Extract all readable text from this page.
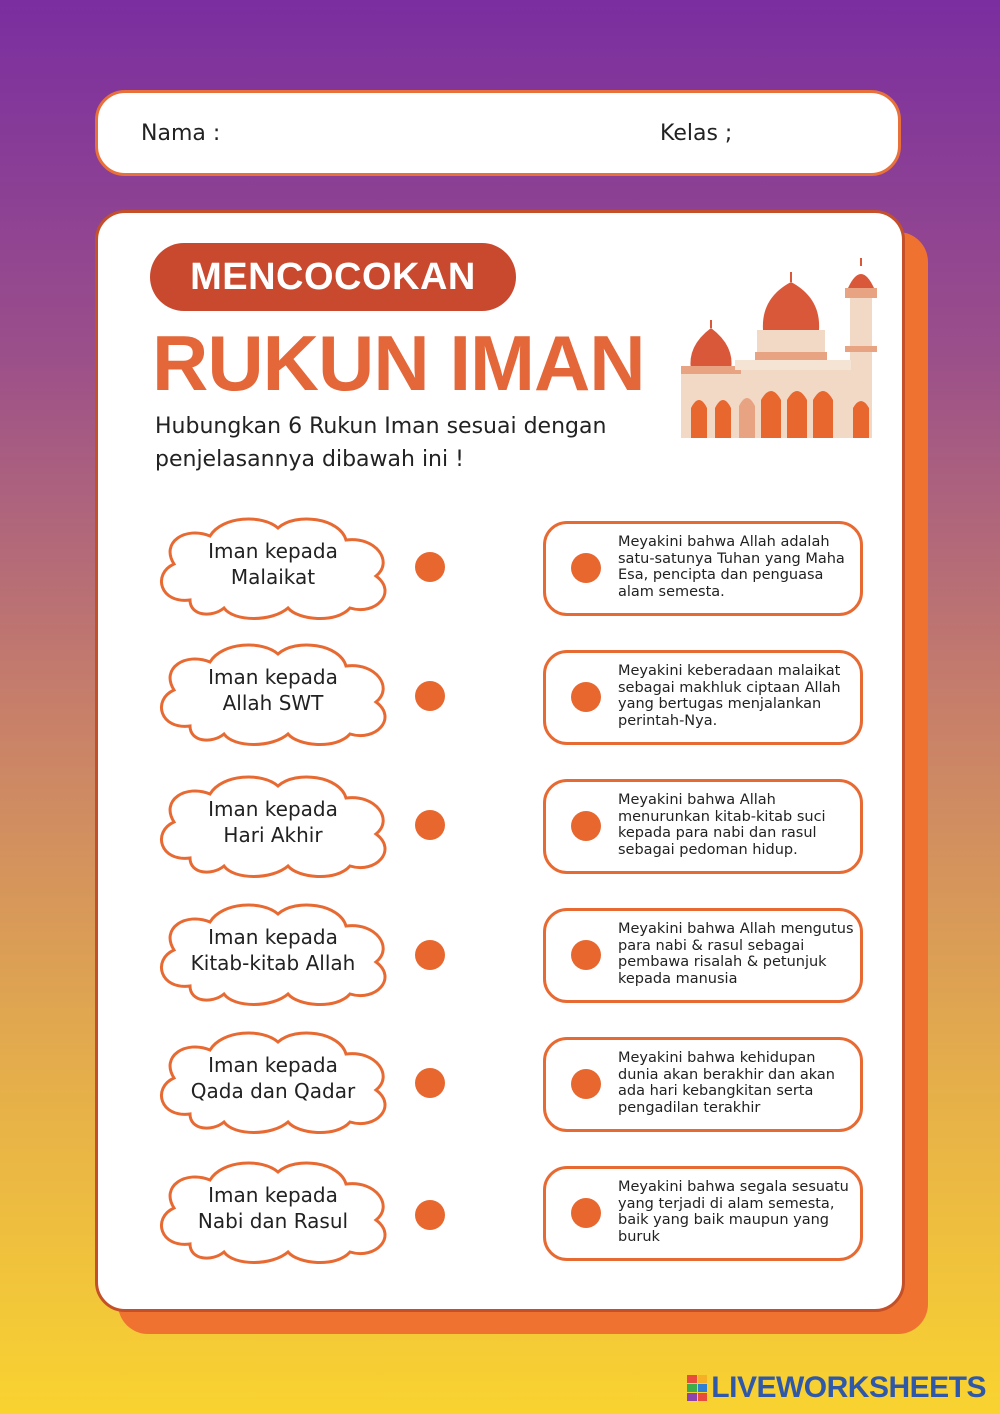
Nama :	Kelas ;
MENCOCOKAN
RUKUN IMAN
Hubungkan 6 Rukun Iman sesuai dengan penjelasannya dibawah ini !
Iman kepada
Malaikat
Iman kepada
Allah SWT
Iman kepada
Hari Akhir
Iman kepada
Kitab-kitab Allah
Iman kepada
Qada dan Qadar
Iman kepada
Nabi dan Rasul
Meyakini bahwa Allah adalah satu-satunya Tuhan yang Maha Esa, pencipta dan penguasa alam semesta.
Meyakini keberadaan malaikat sebagai makhluk ciptaan Allah yang bertugas menjalankan perintah-Nya.
Meyakini bahwa Allah menurunkan kitab-kitab suci kepada para nabi dan rasul sebagai pedoman hidup.
Meyakini bahwa Allah mengutus para nabi & rasul sebagai pembawa risalah & petunjuk kepada manusia
Meyakini bahwa kehidupan dunia akan berakhir dan akan ada hari kebangkitan serta pengadilan terakhir
Meyakini bahwa segala sesuatu yang terjadi di alam semesta, baik yang baik maupun yang buruk
LIVEWORKSHEETS
